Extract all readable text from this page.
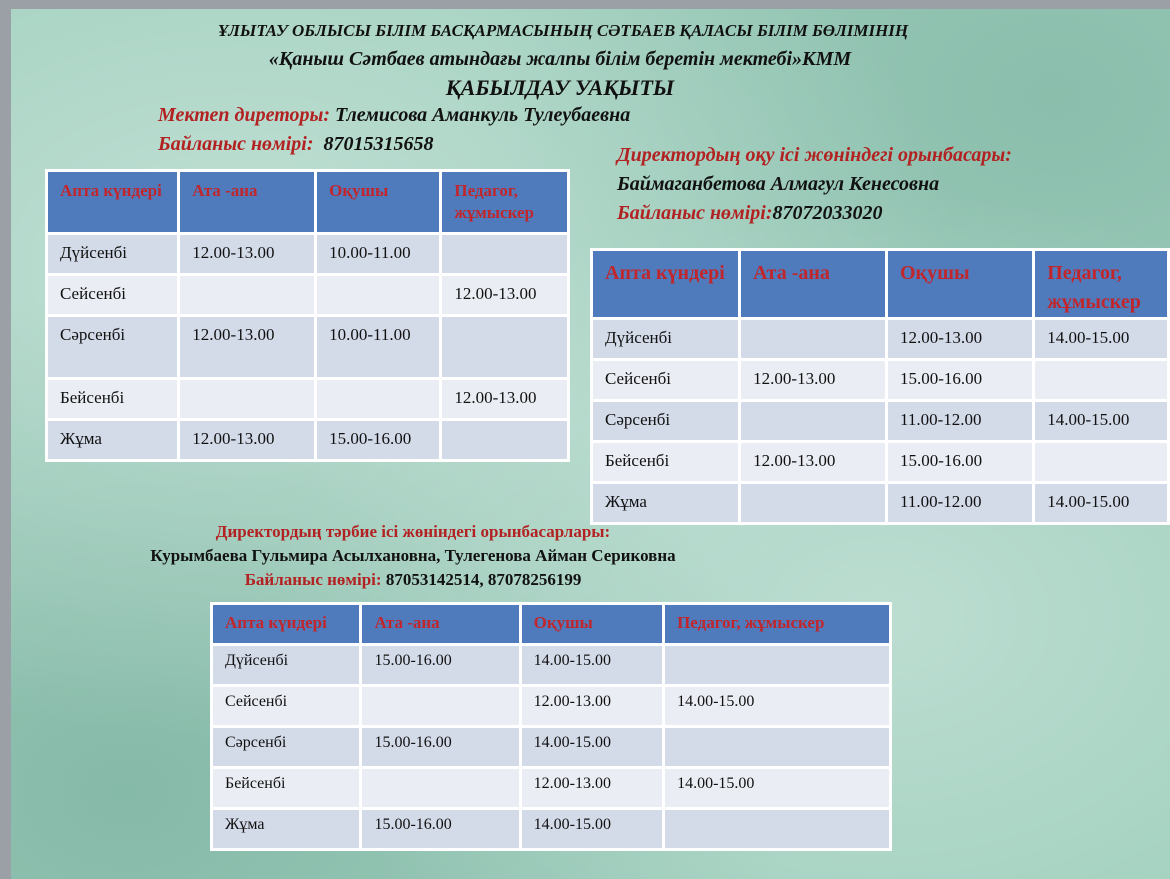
ҰЛЫТАУ ОБЛЫСЫ БІЛІМ БАСҚАРМАСЫНЫҢ СӘТБАЕВ ҚАЛАСЫ БІЛІМ БӨЛІМІНІҢ
«Қаныш Сәтбаев атындағы жалпы білім беретін мектебі»КММ
ҚАБЫЛДАУ УАҚЫТЫ
Мектеп диреторы: Тлемисова Аманкуль Тулеубаевна
Байланыс нөмірі: 87015315658	Директордың оқу ісі жөніндегі орынбасары:
Баймаганбетова Алмагул Кенесовна
Байланыс нөмірі:87072033020
Апта күндері	Ата -ана	Оқушы	Педагог, жұмыскер
Дүйсенбі	12.00-13.00	10.00-11.00	
Сейсенбі			12.00-13.00
Сәрсенбі	12.00-13.00	10.00-11.00	
Бейсенбі			12.00-13.00
Жұма	12.00-13.00	15.00-16.00	
Апта күндері	Ата -ана	Оқушы	Педагог, жұмыскер
Дүйсенбі		12.00-13.00	14.00-15.00
Сейсенбі	12.00-13.00	15.00-16.00	
Сәрсенбі		11.00-12.00	14.00-15.00
Бейсенбі	12.00-13.00	15.00-16.00	
Жұма		11.00-12.00	14.00-15.00
Директордың тәрбие ісі жөніндегі орынбасарлары:
Курымбаева Гульмира Асылхановна, Тулегенова Айман Сериковна
Байланыс нөмірі: 87053142514, 87078256199
Апта күндері	Ата -ана	Оқушы	Педагог, жұмыскер
Дүйсенбі	15.00-16.00	14.00-15.00	
Сейсенбі		12.00-13.00	14.00-15.00
Сәрсенбі	15.00-16.00	14.00-15.00	
Бейсенбі		12.00-13.00	14.00-15.00
Жұма	15.00-16.00	14.00-15.00	
